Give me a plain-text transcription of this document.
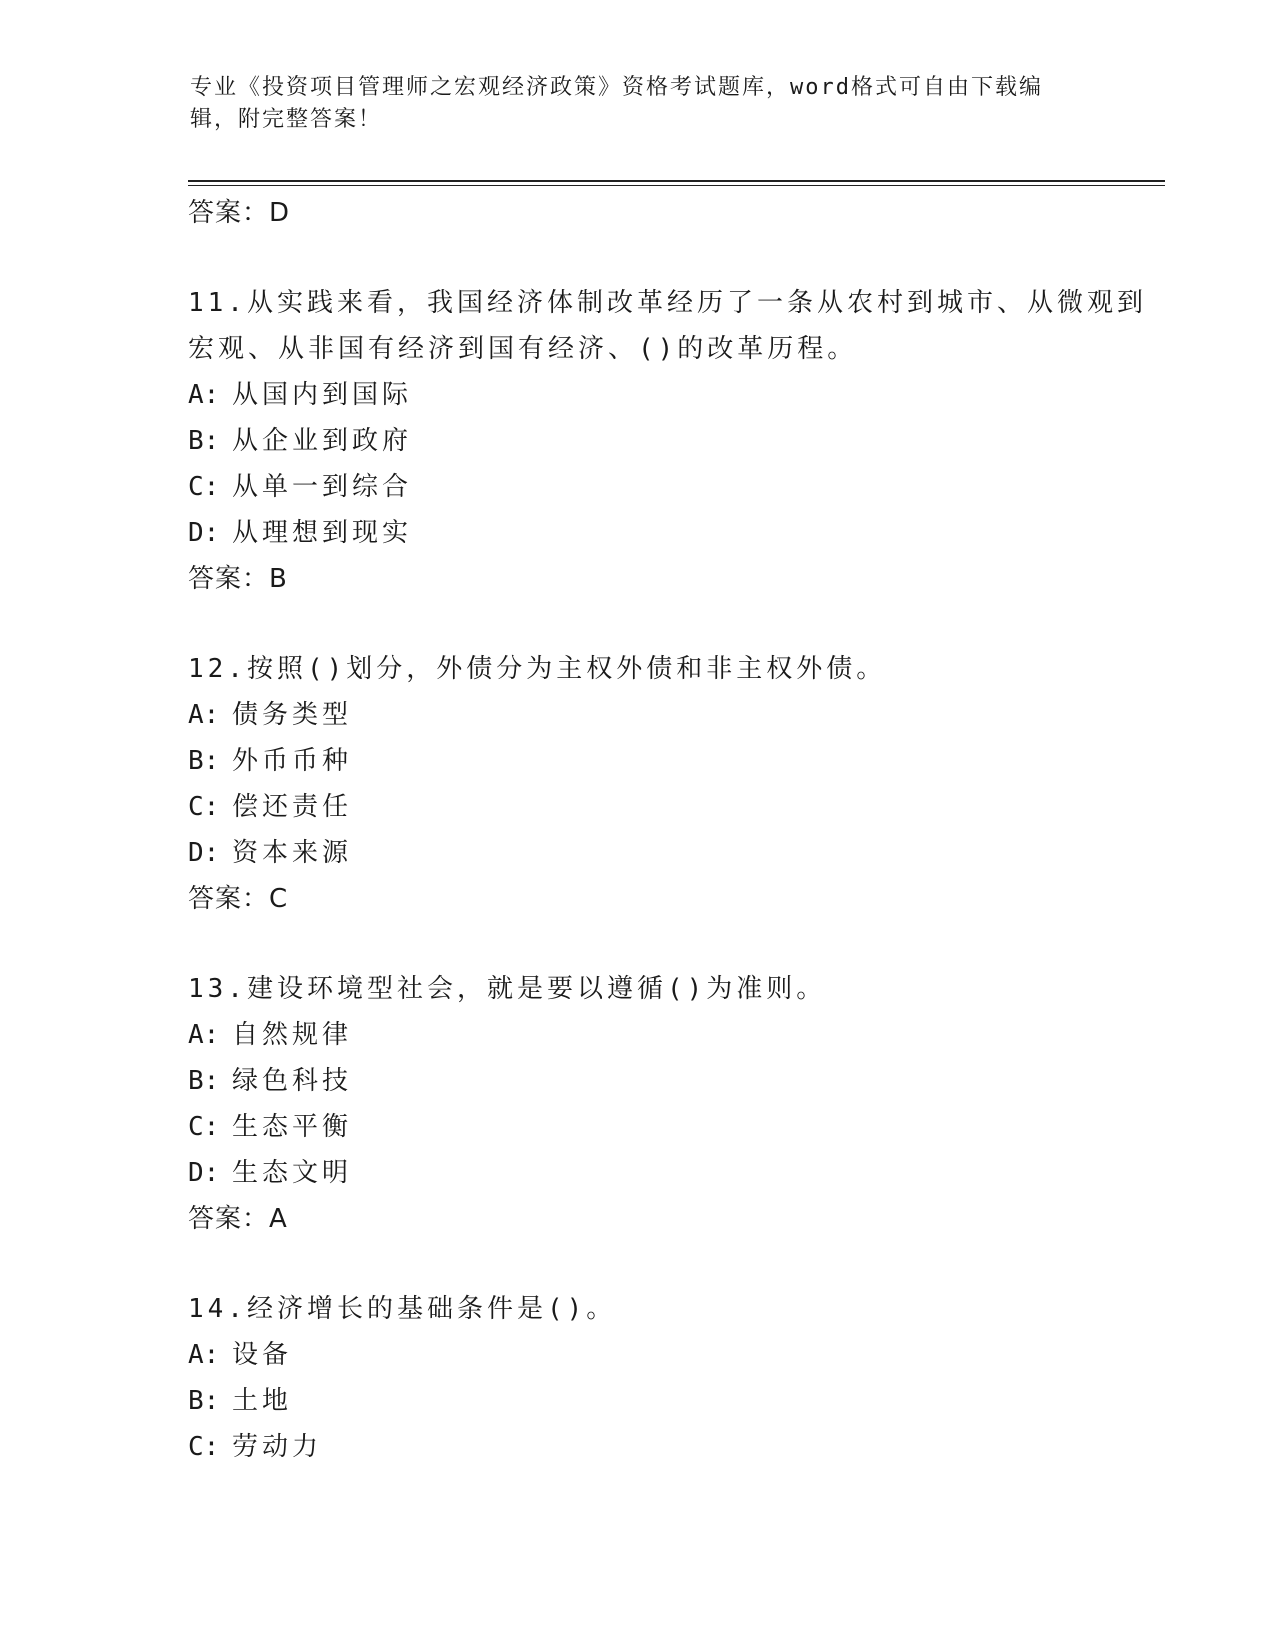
专业《投资项目管理师之宏观经济政策》资格考试题库，word格式可自由下载编辑，附完整答案！
答案：D
11.从实践来看，我国经济体制改革经历了一条从农村到城市、从微观到宏观、从非国有经济到国有经济、()的改革历程。
A: 从国内到国际
B: 从企业到政府
C: 从单一到综合
D: 从理想到现实
答案：B
12.按照()划分，外债分为主权外债和非主权外债。
A: 债务类型
B: 外币币种
C: 偿还责任
D: 资本来源
答案：C
13.建设环境型社会，就是要以遵循()为准则。
A: 自然规律
B: 绿色科技
C: 生态平衡
D: 生态文明
答案：A
14.经济增长的基础条件是()。
A: 设备
B: 土地
C: 劳动力
